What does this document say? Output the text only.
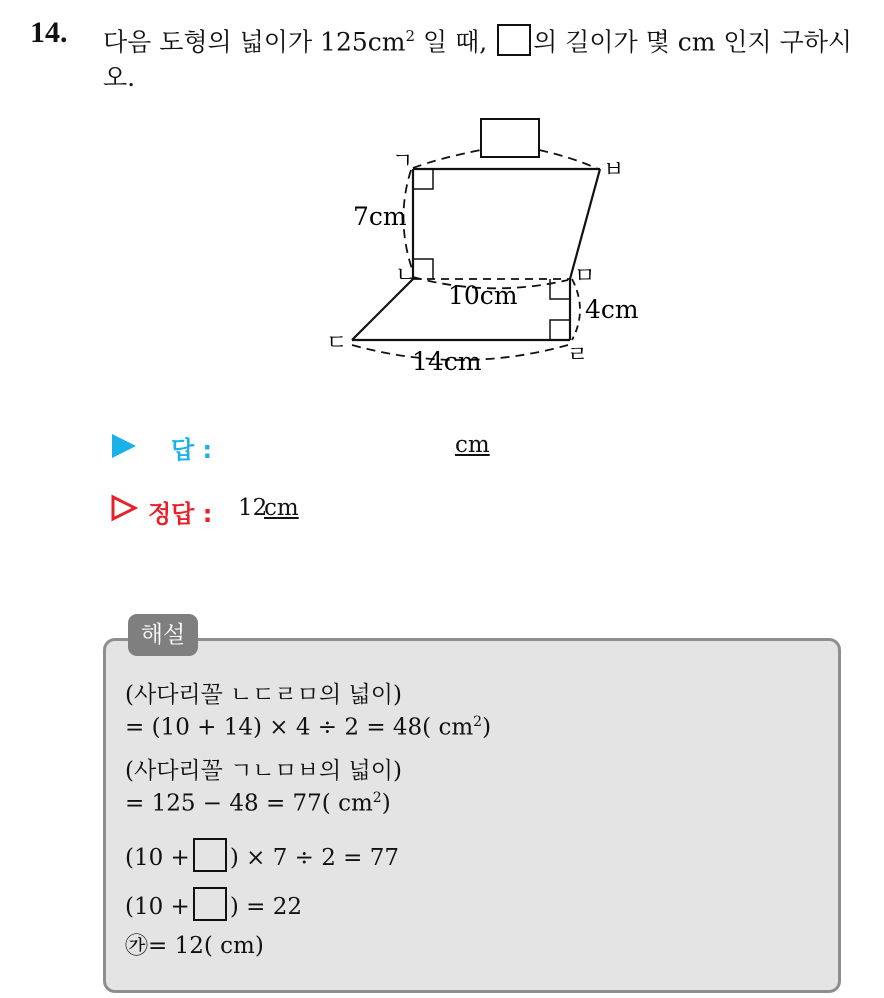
14. 다음 도형의 넓이가 $125cm^2$ 일 때, 의 길이가 몇 cm 인지 구하시
오.
ㄱ
ㄴ
ㄷ	ㄹ
ㅁ
ㅂ
7cm
10cm	4cm
14cm
답 :	cm
정답 : 12
cm
해설
(사다리꼴 ㄴㄷㄹㅁ의 넓이)
= (10 + 14) × 4 ÷ 2 = 48( $cm^2$)
(사다리꼴 ㄱㄴㅁㅂ의 넓이)
= 125 − 48 = 77( $cm^2$)
(10 + ) × 7 ÷ 2 = 77
(10 + ) = 22
㉮= 12( cm)
